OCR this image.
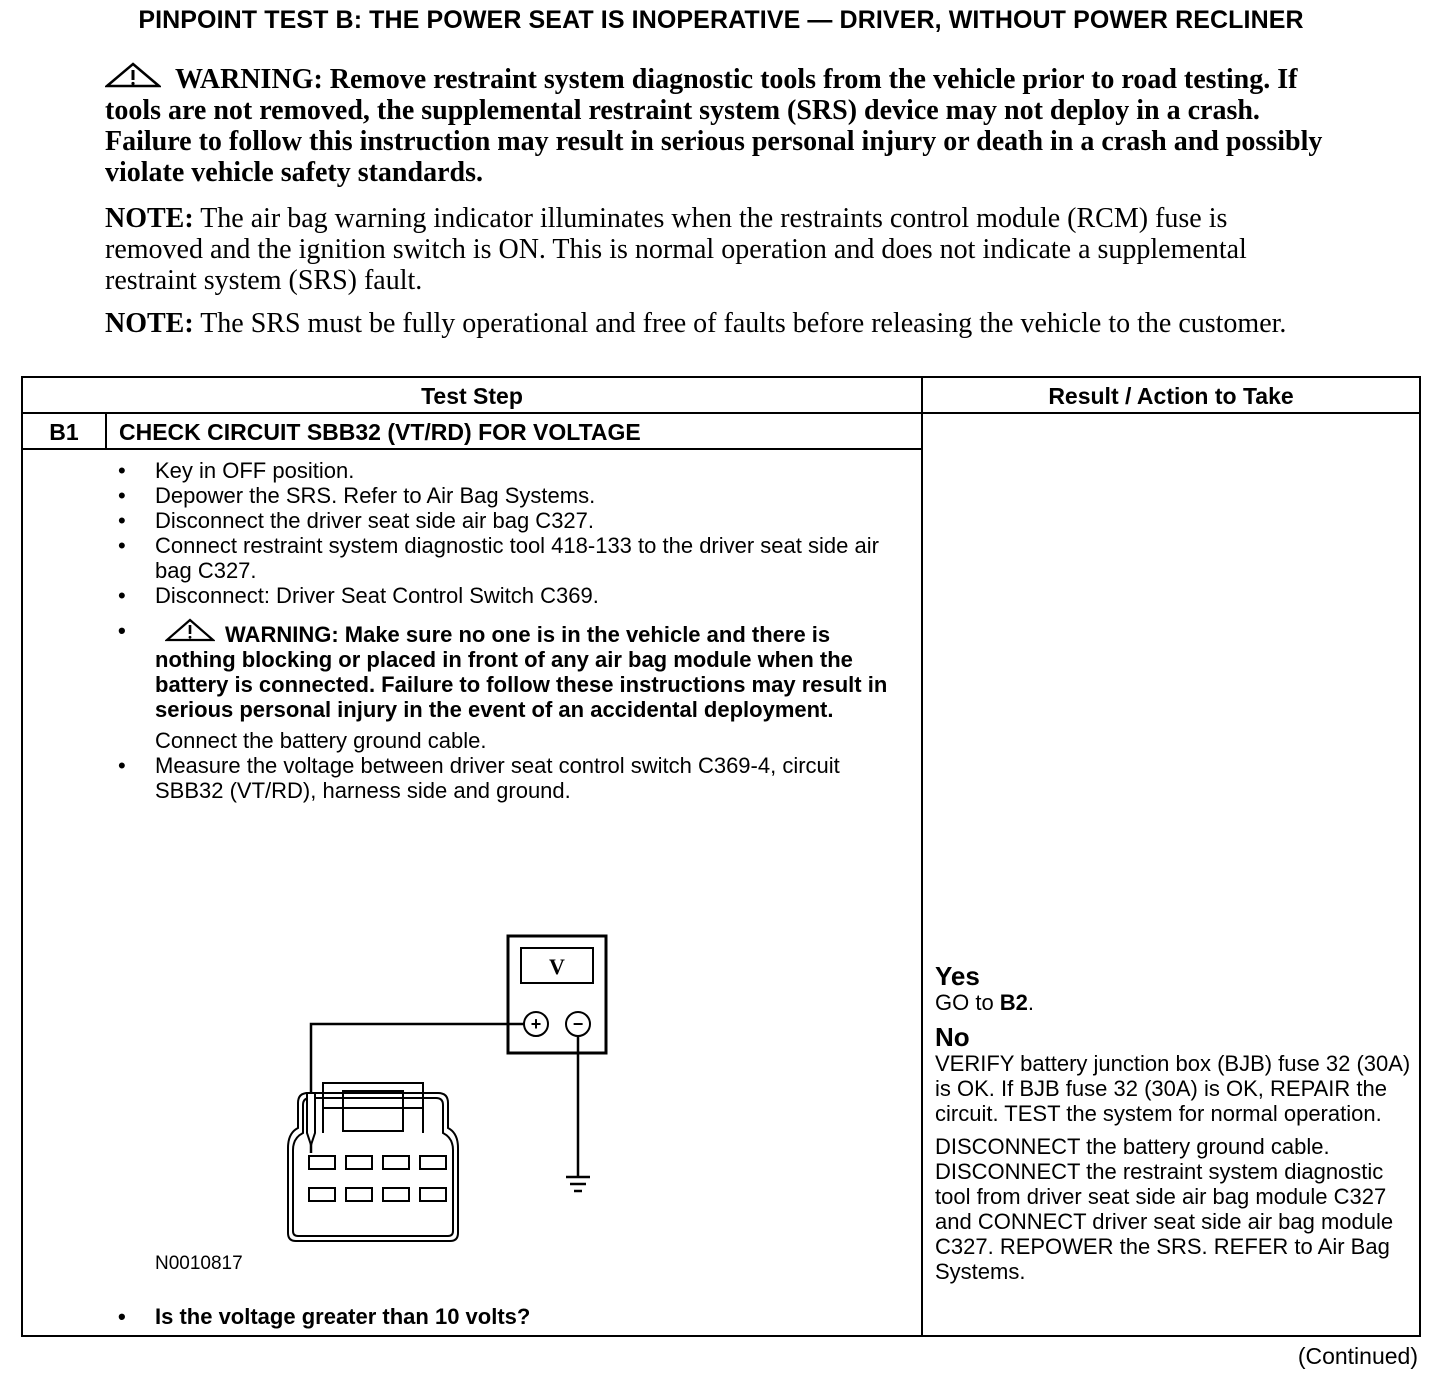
PINPOINT TEST B: THE POWER SEAT IS INOPERATIVE — DRIVER, WITHOUT POWER RECLINER
WARNING: Remove restraint system diagnostic tools from the vehicle prior to road testing. If tools are not removed, the supplemental restraint system (SRS) device may not deploy in a crash. Failure to follow this instruction may result in serious personal injury or death in a crash and possibly violate vehicle safety standards.
NOTE: The air bag warning indicator illuminates when the restraints control module (RCM) fuse is removed and the ignition switch is ON. This is normal operation and does not indicate a supplemental restraint system (SRS) fault.
NOTE: The SRS must be fully operational and free of faults before releasing the vehicle to the customer.
Test Step	Result / Action to Take
B1	CHECK CIRCUIT SBB32 (VT/RD) FOR VOLTAGE
• Key in OFF position.
• Depower the SRS. Refer to Air Bag Systems.
• Disconnect the driver seat side air bag C327.
• Connect restraint system diagnostic tool 418-133 to the driver seat side air bag C327.
• Disconnect: Driver Seat Control Switch C369.
• WARNING: Make sure no one is in the vehicle and there is nothing blocking or placed in front of any air bag module when the battery is connected. Failure to follow these instructions may result in serious personal injury in the event of an accidental deployment.
Connect the battery ground cable.
• Measure the voltage between driver seat control switch C369-4, circuit SBB32 (VT/RD), harness side and ground.
V
+ −
N0010817
• Is the voltage greater than 10 volts?
Yes
GO to B2.
No
VERIFY battery junction box (BJB) fuse 32 (30A) is OK. If BJB fuse 32 (30A) is OK, REPAIR the circuit. TEST the system for normal operation.
DISCONNECT the battery ground cable. DISCONNECT the restraint system diagnostic tool from driver seat side air bag module C327 and CONNECT driver seat side air bag module C327. REPOWER the SRS. REFER to Air Bag Systems.
(Continued)
